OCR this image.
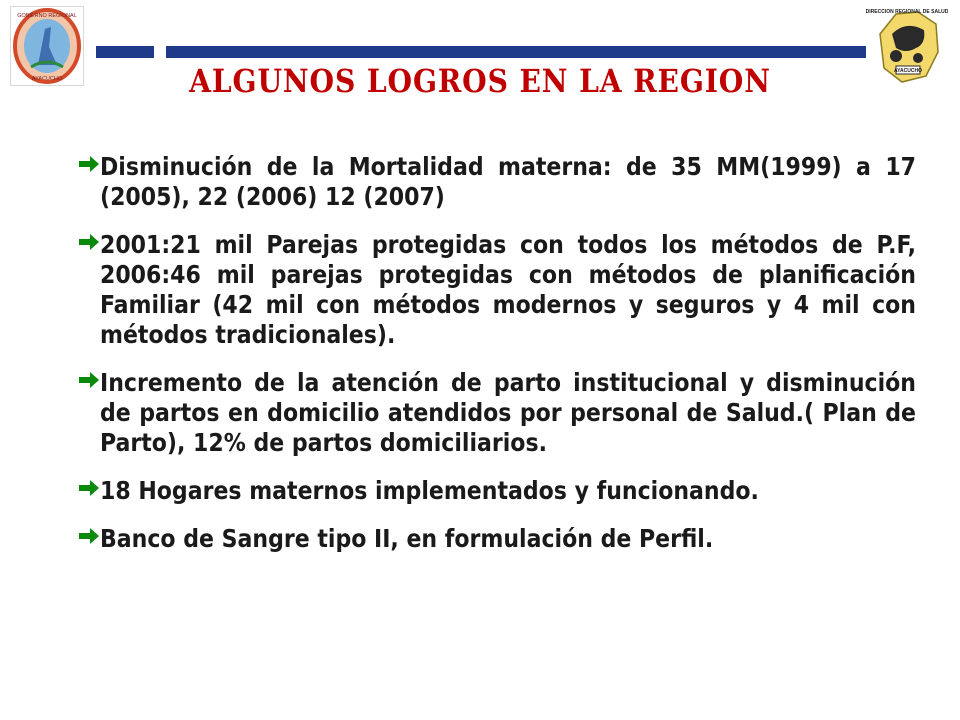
GOBIERNO REGIONAL
AYACUCHO
DIRECCION REGIONAL DE SALUD
AYACUCHO
ALGUNOS LOGROS EN LA REGION
Disminución de la Mortalidad materna: de 35 MM(1999) a 17 (2005), 22 (2006) 12 (2007)
2001:21 mil Parejas protegidas con todos los métodos de P.F, 2006:46 mil parejas protegidas con métodos de planificación Familiar (42 mil con métodos modernos y seguros y 4 mil con métodos tradicionales).
Incremento de la atención de parto institucional y disminución de partos en domicilio atendidos por personal de Salud.( Plan de Parto), 12% de partos domiciliarios.
18 Hogares maternos implementados y funcionando.
Banco de Sangre tipo II, en formulación de Perfil.
